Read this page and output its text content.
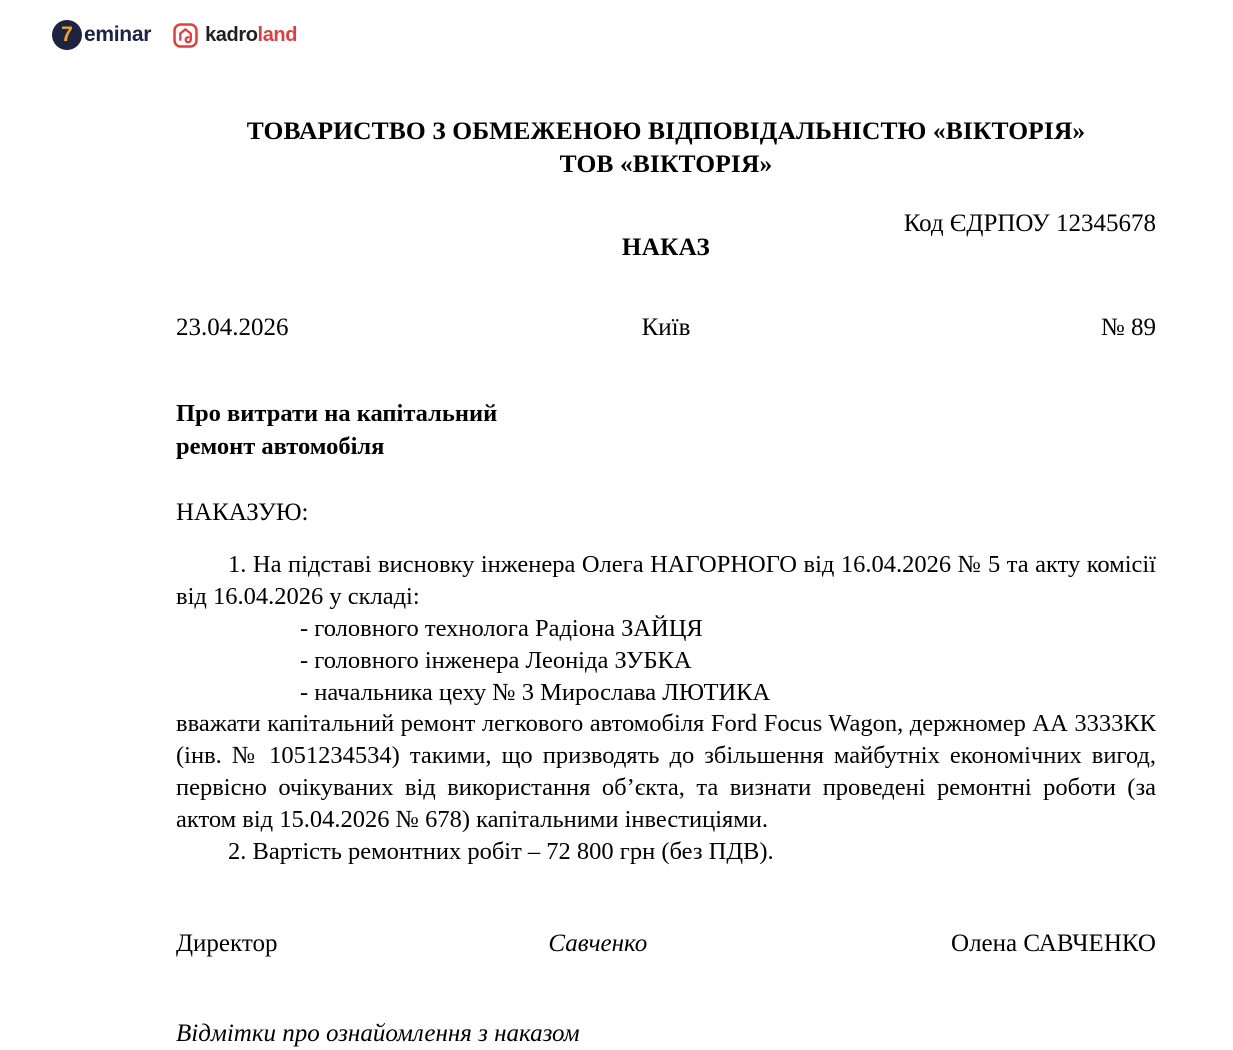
7 eminar	kadroland
ТОВАРИСТВО З ОБМЕЖЕНОЮ ВІДПОВІДАЛЬНІСТЮ «ВІКТОРІЯ»
ТОВ «ВІКТОРІЯ»
Код ЄДРПОУ 12345678
НАКАЗ
23.04.2026	Київ	№ 89
Про витрати на капітальний
ремонт автомобіля
НАКАЗУЮ:
1. На підставі висновку інженера Олега НАГОРНОГО від 16.04.2026 № 5 та акту комісії від 16.04.2026 у складі:
- головного технолога Радіона ЗАЙЦЯ
- головного інженера Леоніда ЗУБКА
- начальника цеху № 3 Мирослава ЛЮТИКА
вважати капітальний ремонт легкового автомобіля Ford Focus Wagon, держномер АА 3333КК (інв. № 1051234534) такими, що призводять до збільшення майбутніх економічних вигод, первісно очікуваних від використання об’єкта, та визнати проведені ремонтні роботи (за актом від 15.04.2026 № 678) капітальними інвестиціями.
2. Вартість ремонтних робіт – 72 800 грн (без ПДВ).
Директор	Савченко	Олена САВЧЕНКО
Відмітки про ознайомлення з наказом
